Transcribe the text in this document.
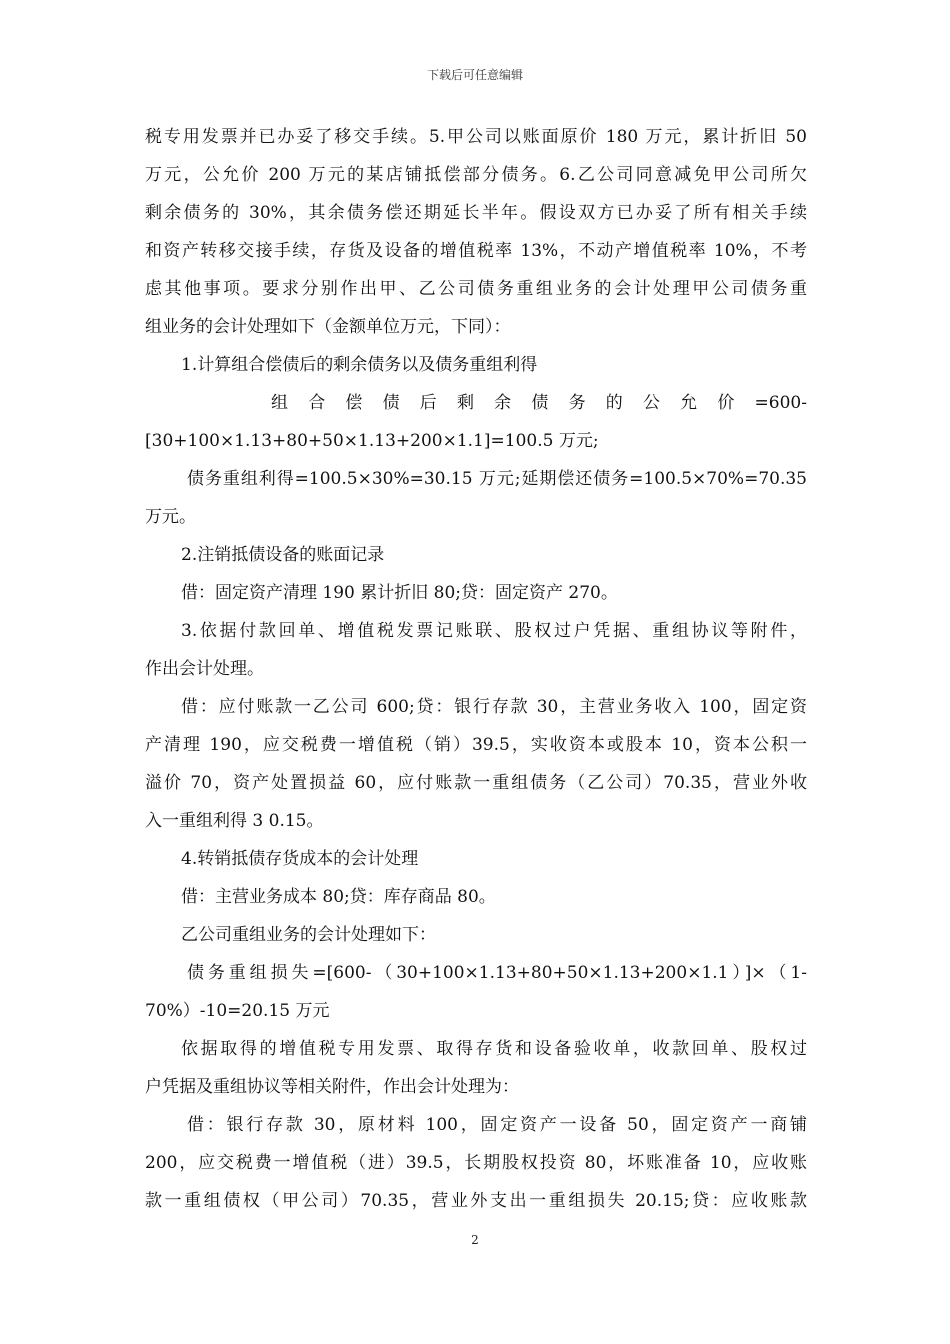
下载后可任意编辑
税专用发票并已办妥了移交手续。5.甲公司以账面原价 180 万元，累计折旧 50
万元，公允价 200 万元的某店铺抵偿部分债务。6.乙公司同意减免甲公司所欠
剩余债务的 30%，其余债务偿还期延长半年。假设双方已办妥了所有相关手续
和资产转移交接手续，存货及设备的增值税率 13%，不动产增值税率 10%，不考
虑其他事项。要求分别作出甲、乙公司债务重组业务的会计处理甲公司债务重
组业务的会计处理如下（金额单位万元，下同）：
1.计算组合偿债后的剩余债务以及债务重组利得
组 合 偿 债 后 剩 余 债 务 的 公 允 价 =600-
[30+100×1.13+80+50×1.13+200×1.1]=100.5 万元;
债务重组利得=100.5×30%=30.15 万元;延期偿还债务=100.5×70%=70.35
万元。
2.注销抵债设备的账面记录
借：固定资产清理 190 累计折旧 80;贷：固定资产 270。
3.依据付款回单、增值税发票记账联、股权过户凭据、重组协议等附件，
作出会计处理。
借：应付账款一乙公司 600;贷：银行存款 30，主营业务收入 100，固定资
产清理 190，应交税费一增值税（销）39.5，实收资本或股本 10，资本公积一
溢价 70，资产处置损益 60，应付账款一重组债务（乙公司）70.35，营业外收
入一重组利得 3 0.15。
4.转销抵债存货成本的会计处理
借：主营业务成本 80;贷：库存商品 80。
乙公司重组业务的会计处理如下：
债务重组损失=[600-（30+100×1.13+80+50×1.13+200×1.1）]×（1-
70%）-10=20.15 万元
依据取得的增值税专用发票、取得存货和设备验收单，收款回单、股权过
户凭据及重组协议等相关附件，作出会计处理为：
借：银行存款 30，原材料 100，固定资产一设备 50，固定资产一商铺
200，应交税费一增值税（进）39.5，长期股权投资 80，坏账准备 10，应收账
款一重组债权（甲公司）70.35，营业外支出一重组损失 20.15;贷：应收账款
2
